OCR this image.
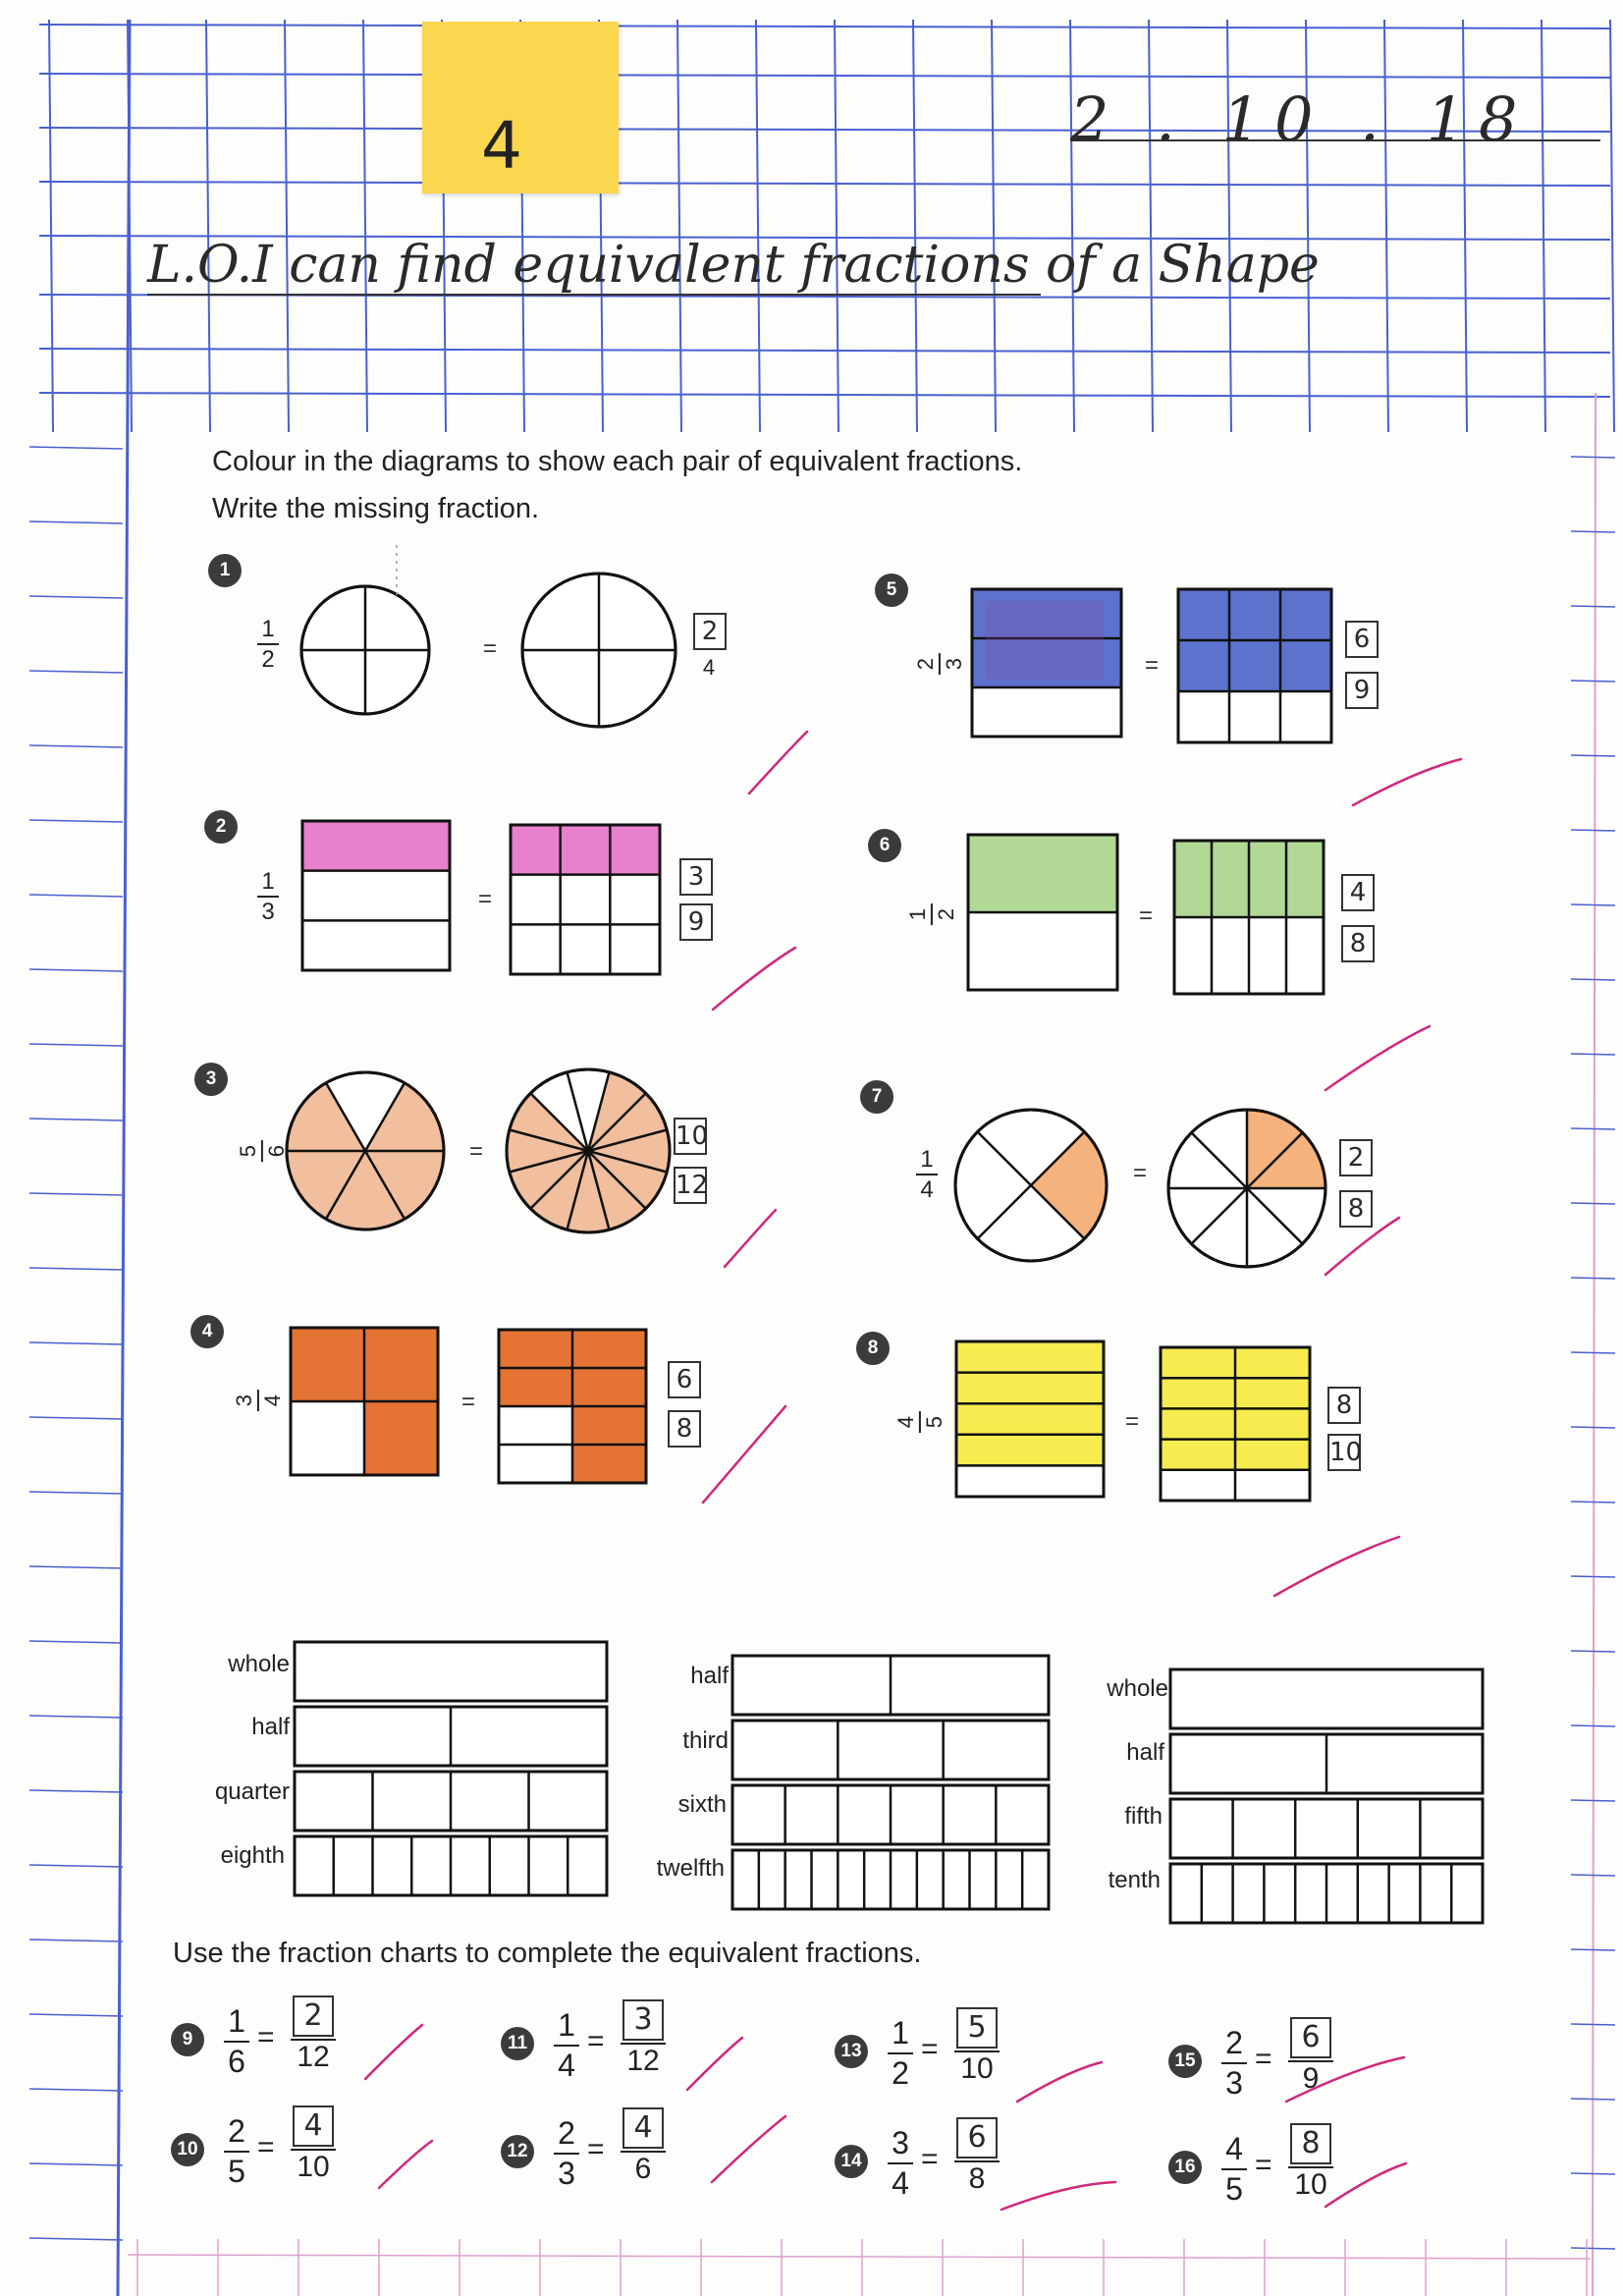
4	2 . 10 . 18
L.O.I can find equivalent fractions of a Shape
Colour in the diagrams to show each pair of equivalent fractions.
Write the missing fraction.
=
=
=
=
=
=
=
=
1
1
2
2
4
2
1
3
3
9
3
5 6
10
12
4
3 4
6
8
5
2 3
6
9
6
1 2
4
8
7
1
4
2
8
8
4 5
8
10
whole
half
quarter
eighth
half
third
sixth
twelfth
whole
half
fifth
tenth
Use the fraction charts to complete the equivalent fractions.
9
1
6
=
2
12
10
2
5
=
4
10
11
1
4
=
3
12
12
2
3
=
4
6
13
1
2
=
5
10
14
3
4
=
6
8
15
2
3
=
6
9
16
4
5
=
8
10
